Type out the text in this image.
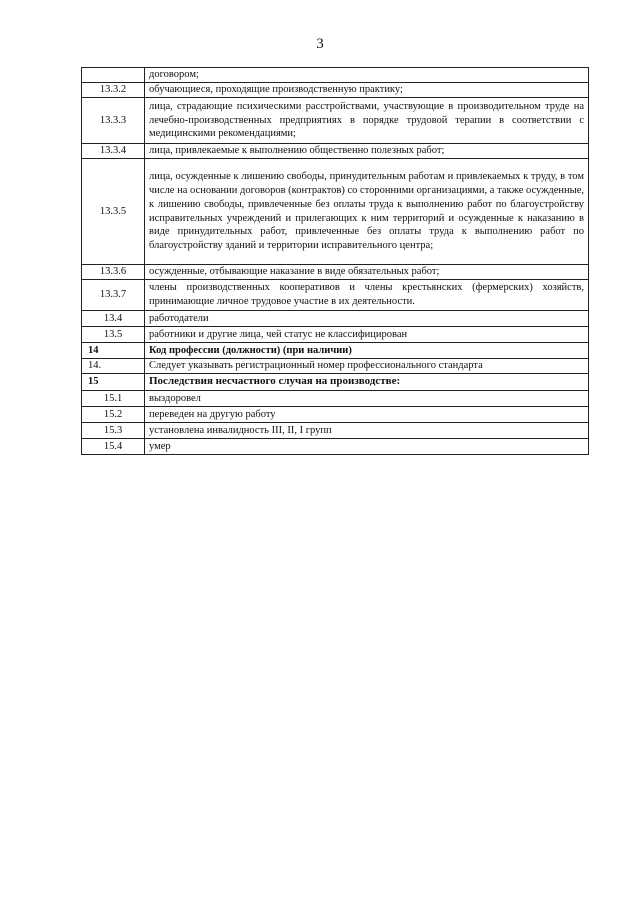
3
	договором;
13.3.2	обучающиеся, проходящие производственную практику;
13.3.3	лица, страдающие психическими расстройствами, участвующие в производительном труде на лечебно-производственных предприятиях в порядке трудовой терапии в соответствии с медицинскими рекомендациями;
13.3.4	лица, привлекаемые к выполнению общественно полезных работ;
13.3.5	лица, осужденные к лишению свободы, принудительным работам и привлекаемых к труду, в том числе на основании договоров (контрактов) со сторонними организациями, а также осужденные, к лишению свободы, привлеченные без оплаты труда к выполнению работ по благоустройству исправительных учреждений и прилегающих к ним территорий и осужденные к наказанию в виде принудительных работ, привлеченные без оплаты труда к выполнению работ по благоустройству зданий и территории исправительного центра;
13.3.6	осужденные, отбывающие наказание в виде обязательных работ;
13.3.7	члены производственных кооперативов и члены крестьянских (фермерских) хозяйств, принимающие личное трудовое участие в их деятельности.
13.4	работодатели
13.5	работники и другие лица, чей статус не классифицирован
14	Код профессии (должности) (при наличии)
14.	Следует указывать регистрационный номер профессионального стандарта
15	Последствия несчастного случая на производстве:
15.1	выздоровел
15.2	переведен на другую работу
15.3	установлена инвалидность III, II, I групп
15.4	умер
